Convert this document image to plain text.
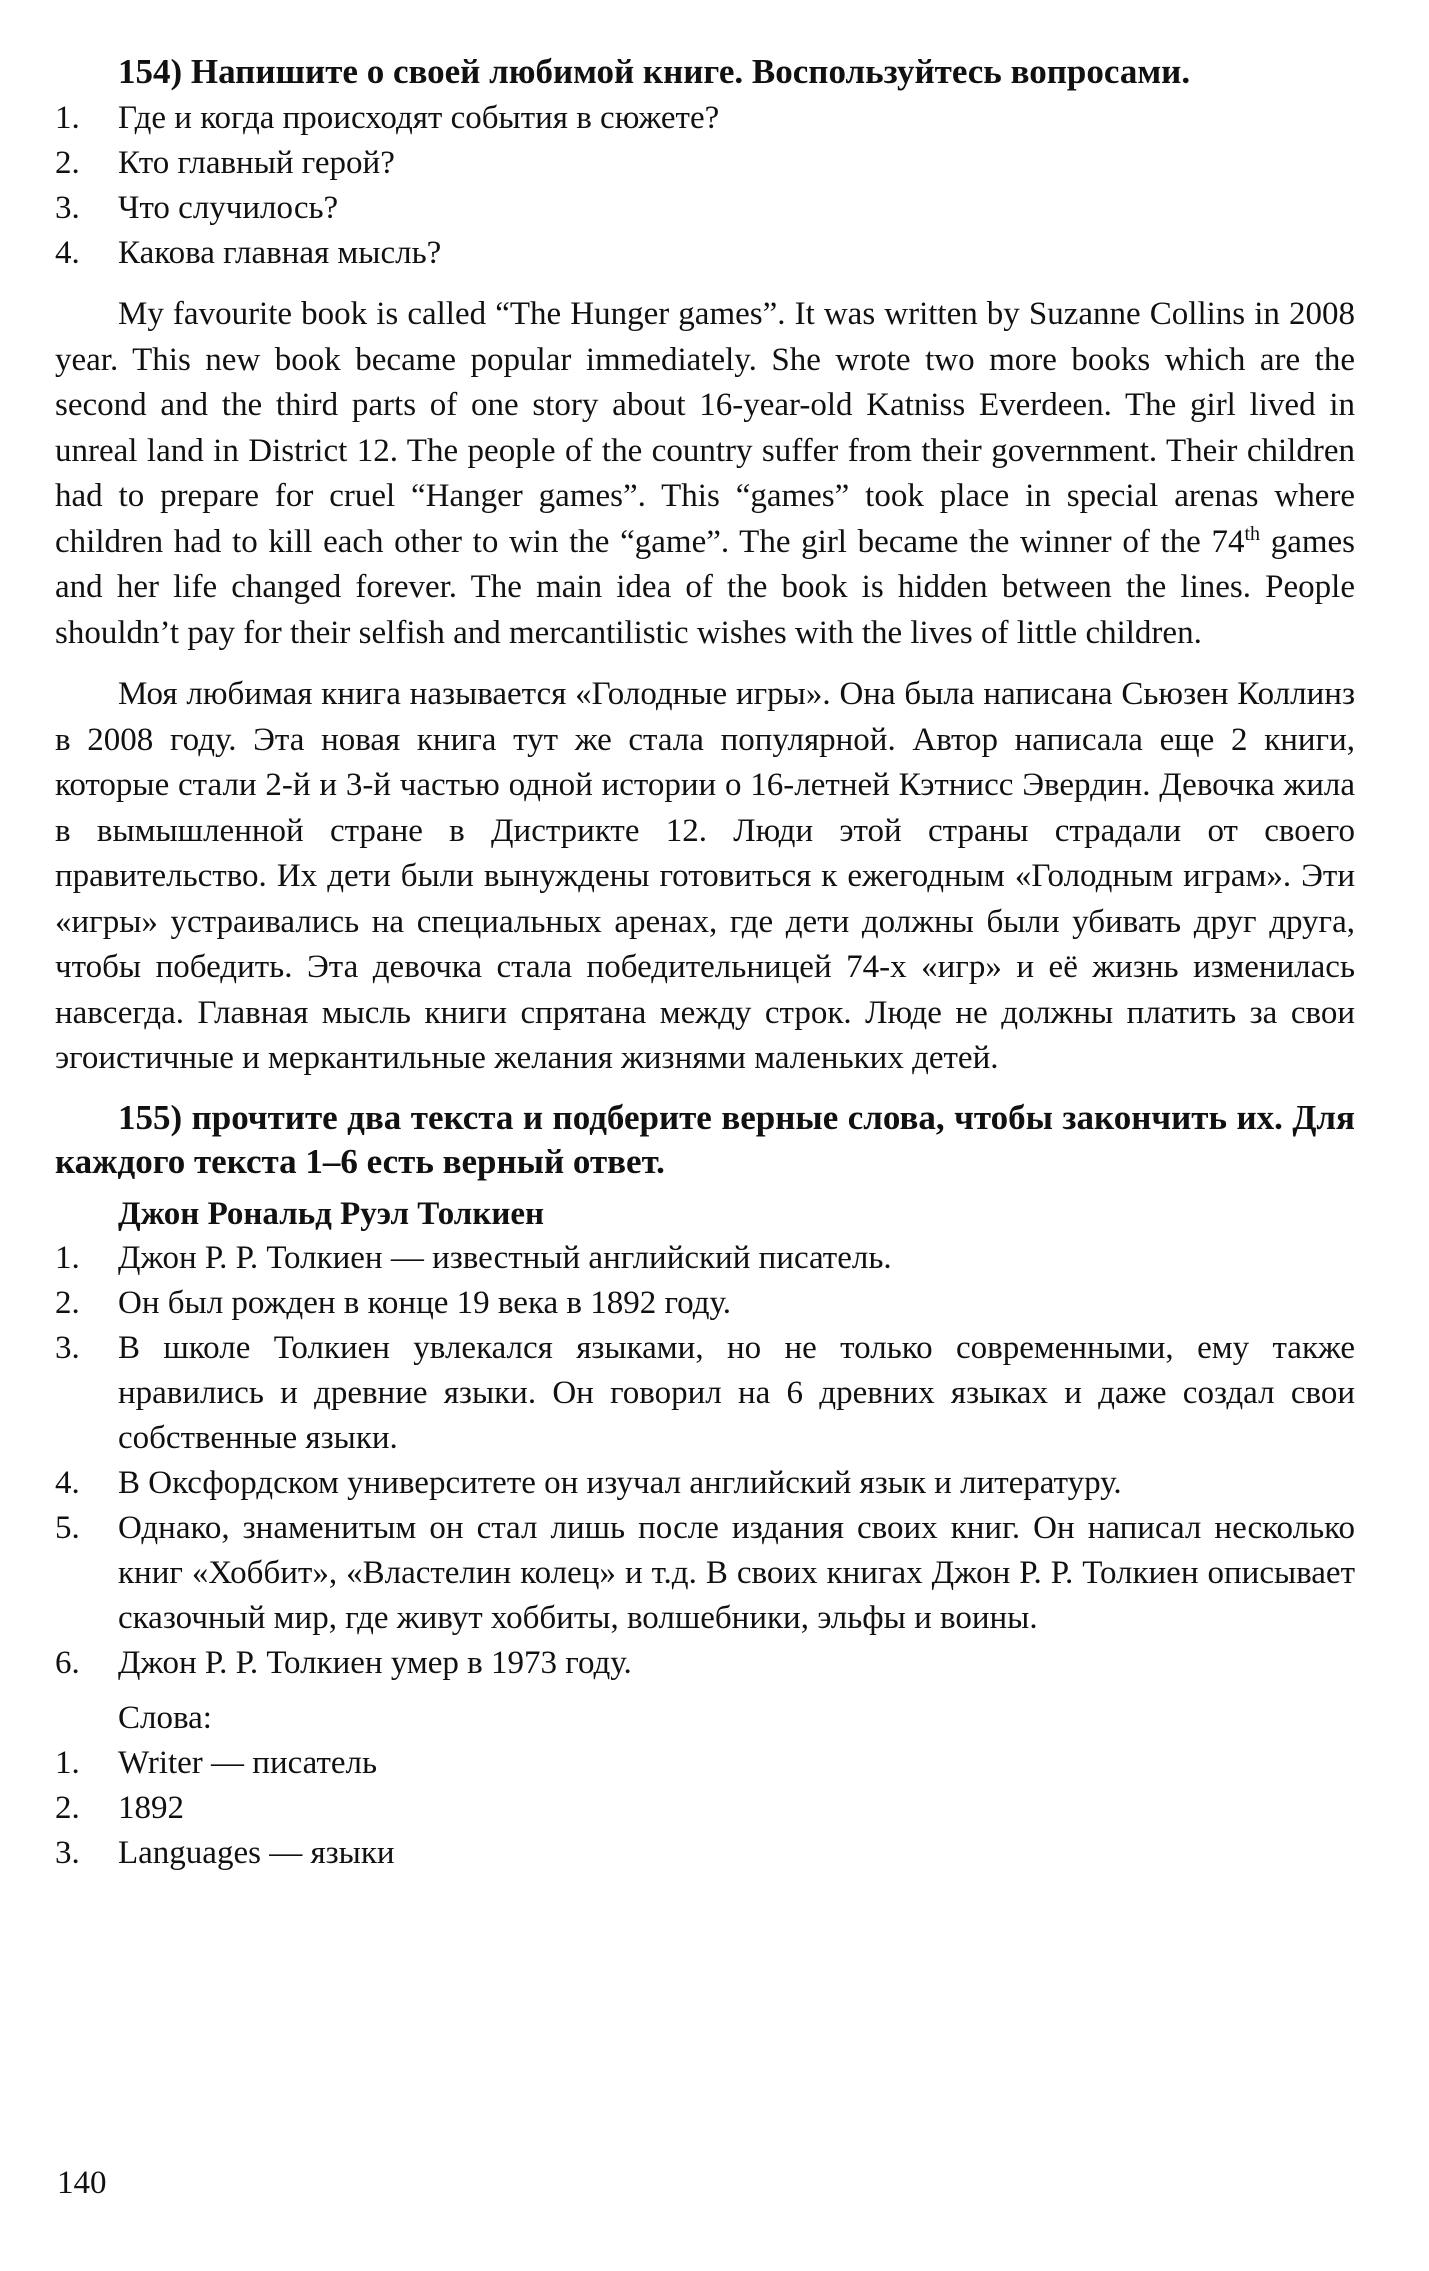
154) Напишите о своей любимой книге. Воспользуйтесь вопросами.
1. Где и когда происходят события в сюжете?
2. Кто главный герой?
3. Что случилось?
4. Какова главная мысль?

My favourite book is called “The Hunger games”. It was written by Suzanne Collins in 2008 year. This new book became popular immediately. She wrote two more books which are the second and the third parts of one story about 16-year-old Katniss Everdeen. The girl lived in unreal land in District 12. The people of the country suffer from their government. Their children had to prepare for cruel “Hanger games”. This “games” took place in special arenas where children had to kill each other to win the “game”. The girl became the winner of the 74th games and her life changed forever. The main idea of the book is hidden between the lines. People shouldn’t pay for their selfish and mercantilistic wishes with the lives of little children.

Моя любимая книга называется «Голодные игры». Она была написана Сьюзен Коллинз в 2008 году. Эта новая книга тут же стала популярной. Автор написала еще 2 книги, которые стали 2-й и 3-й частью одной истории о 16-летней Кэтнисс Эвердин. Девочка жила в вымышленной стране в Дистрикте 12. Люди этой страны страдали от своего правительство. Их дети были вынуждены готовиться к ежегодным «Голодным играм». Эти «игры» устраивались на специальных аренах, где дети должны были убивать друг друга, чтобы победить. Эта девочка стала победительницей 74-х «игр» и её жизнь изменилась навсегда. Главная мысль книги спрятана между строк. Люде не должны платить за свои эгоистичные и меркантильные желания жизнями маленьких детей.

155) прочтите два текста и подберите верные слова, чтобы закончить их. Для каждого текста 1–6 есть верный ответ.
Джон Рональд Руэл Толкиен
1. Джон Р. Р. Толкиен — известный английский писатель.
2. Он был рожден в конце 19 века в 1892 году.
3. В школе Толкиен увлекался языками, но не только современными, ему также нравились и древние языки. Он говорил на 6 древних языках и даже создал свои собственные языки.
4. В Оксфордском университете он изучал английский язык и литературу.
5. Однако, знаменитым он стал лишь после издания своих книг. Он написал несколько книг «Хоббит», «Властелин колец» и т.д. В своих книгах Джон Р. Р. Толкиен описывает сказочный мир, где живут хоббиты, волшебники, эльфы и воины.
6. Джон Р. Р. Толкиен умер в 1973 году.
Слова:
1. Writer — писатель
2. 1892
3. Languages — языки
140
